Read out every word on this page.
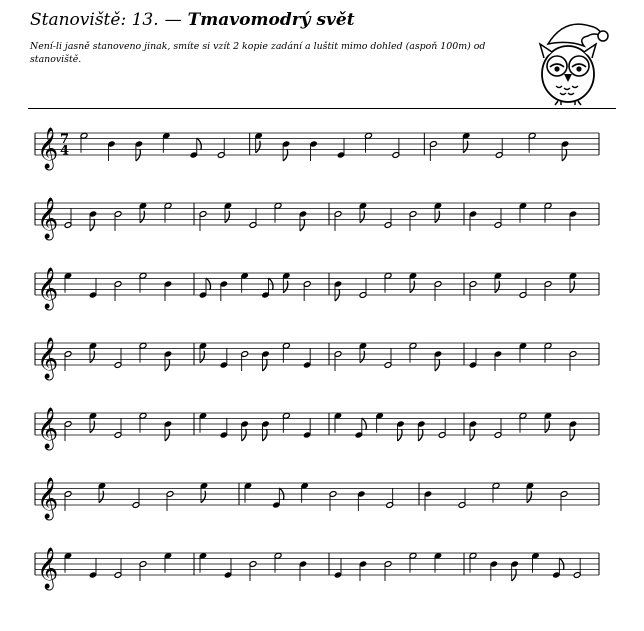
Stanoviště: 13. — Tmavomodrý svět
Není-li jasně stanoveno jinak, smíte si vzít 2 kopie zadání a luštit mimo dohled (aspoň 100m) od stanoviště.
𝄞 7
4
𝄞
𝄞
𝄞
𝄞
𝄞
𝄞
